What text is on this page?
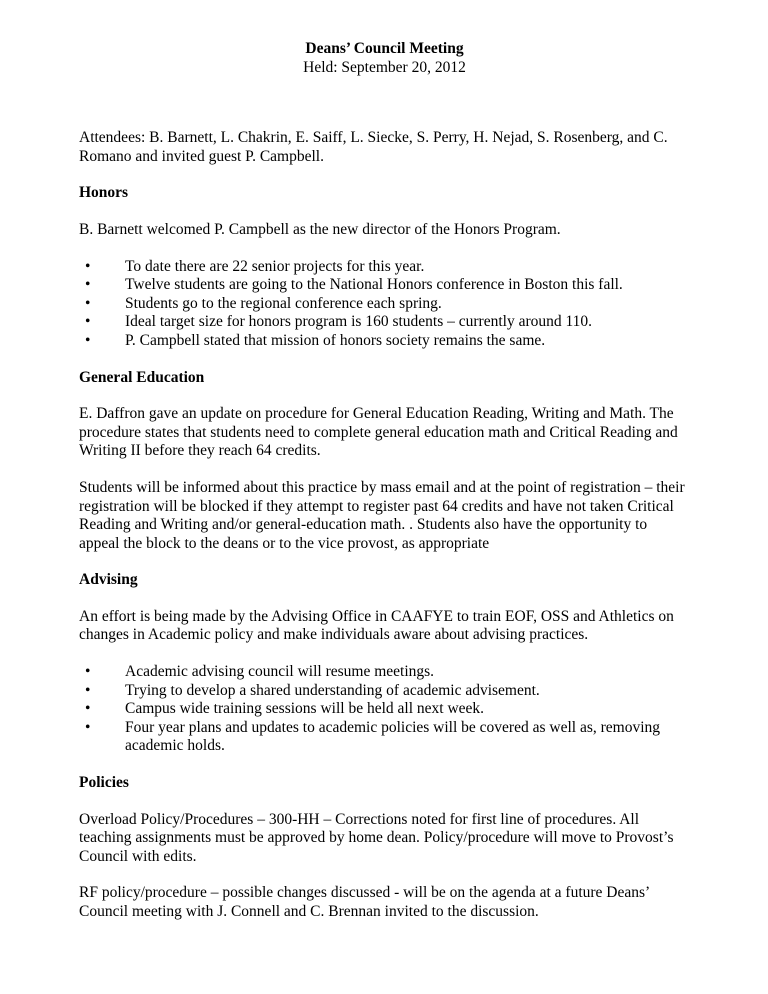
Deans’ Council Meeting

Held: September 20, 2012

Attendees: B. Barnett, L. Chakrin, E. Saiff, L. Siecke, S. Perry, H. Nejad, S. Rosenberg, and C. Romano and invited guest P. Campbell.

Honors

B. Barnett welcomed P. Campbell as the new director of the Honors Program.

• To date there are 22 senior projects for this year.
• Twelve students are going to the National Honors conference in Boston this fall.
• Students go to the regional conference each spring.
• Ideal target size for honors program is 160 students – currently around 110.
• P. Campbell stated that mission of honors society remains the same.
General Education

E. Daffron gave an update on procedure for General Education Reading, Writing and Math. The procedure states that students need to complete general education math and Critical Reading and Writing II before they reach 64 credits.

Students will be informed about this practice by mass email and at the point of registration – their registration will be blocked if they attempt to register past 64 credits and have not taken Critical Reading and Writing and/or general-education math. . Students also have the opportunity to appeal the block to the deans or to the vice provost, as appropriate

Advising

An effort is being made by the Advising Office in CAAFYE to train EOF, OSS and Athletics on changes in Academic policy and make individuals aware about advising practices.

• Academic advising council will resume meetings.
• Trying to develop a shared understanding of academic advisement.
• Campus wide training sessions will be held all next week.
• Four year plans and updates to academic policies will be covered as well as, removing academic holds.
Policies

Overload Policy/Procedures – 300-HH – Corrections noted for first line of procedures. All teaching assignments must be approved by home dean. Policy/procedure will move to Provost’s Council with edits.

RF policy/procedure – possible changes discussed - will be on the agenda at a future Deans’ Council meeting with J. Connell and C. Brennan invited to the discussion.
